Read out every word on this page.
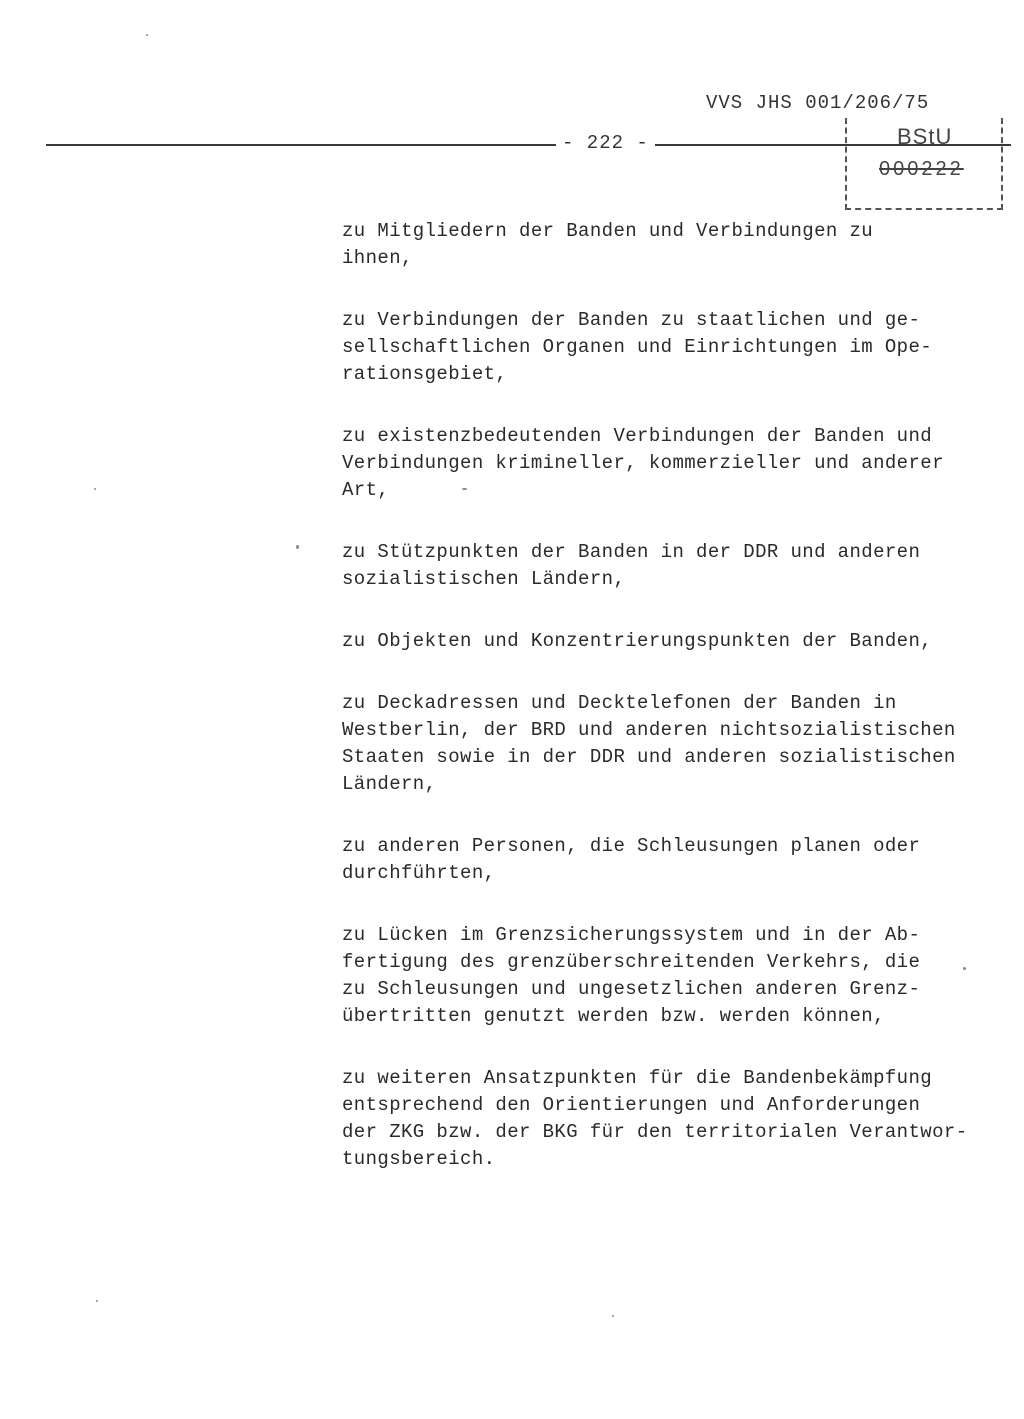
VVS JHS 001/206/75
- 222 -	BStU
000222

zu Mitgliedern der Banden und Verbindungen zu
ihnen,

zu Verbindungen der Banden zu staatlichen und ge-
sellschaftlichen Organen und Einrichtungen im Ope-
rationsgebiet,

zu existenzbedeutenden Verbindungen der Banden und
Verbindungen krimineller, kommerzieller und anderer
Art,

zu Stützpunkten der Banden in der DDR und anderen
sozialistischen Ländern,

zu Objekten und Konzentrierungspunkten der Banden,

zu Deckadressen und Decktelefonen der Banden in
Westberlin, der BRD und anderen nichtsozialistischen
Staaten sowie in der DDR und anderen sozialistischen
Ländern,

zu anderen Personen, die Schleusungen planen oder
durchführten,

zu Lücken im Grenzsicherungssystem und in der Ab-
fertigung des grenzüberschreitenden Verkehrs, die
zu Schleusungen und ungesetzlichen anderen Grenz-
übertritten genutzt werden bzw. werden können,

zu weiteren Ansatzpunkten für die Bandenbekämpfung
entsprechend den Orientierungen und Anforderungen
der ZKG bzw. der BKG für den territorialen Verantwor-
tungsbereich.
